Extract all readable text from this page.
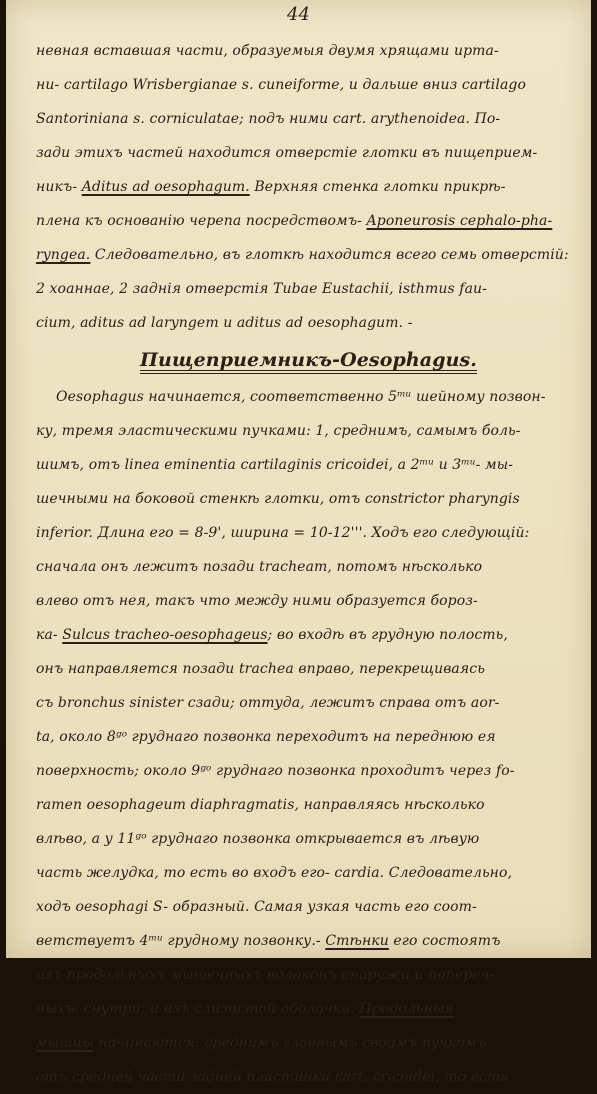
44
невная вставшая части, образуемыя двумя хрящами ирта-
ни- cartilago Wrisbergianae s. cuneiforme, и дальше вниз cartilago
Santoriniana s. corniculatae; подъ ними cart. arythenoidea. По-
зади этихъ частей находится отверстіе глотки въ пищеприем-
никъ- Aditus ad oesophagum. Верхняя стенка глотки прикрѣ-
плена къ основанію черепа посредствомъ- Aponeurosis cephalo-pha-
ryngea. Следовательно, въ глоткѣ находится всего семь отверстій:
2 хоаннае, 2 заднія отверстія Tubae Eustachii, isthmus fau-
cium, aditus ad laryngem и aditus ad oesophagum. -
Пищеприемникъ-Oesophagus.
Oesophagus начинается, соответственно 5ᵐᵘ шейному позвон-
ку, тремя эластическими пучками: 1, среднимъ, самымъ боль-
шимъ, отъ linea eminentia cartilaginis cricoidei, а 2ᵐᵘ и 3ᵐᵘ- мы-
шечными на боковой стенкѣ глотки, отъ constrictor pharyngis
inferior. Длина его = 8-9', ширина = 10-12'''. Ходъ его следующій:
сначала онъ лежитъ позади tracheam, потомъ нѣсколько
влево отъ нея, такъ что между ними образуется бороз-
ка- Sulcus tracheo-oesophageus; во входѣ въ грудную полость,
онъ направляется позади trachea вправо, перекрещиваясь
съ bronchus sinister сзади; оттуда, лежитъ справа отъ aor-
ta, около 8ᵍᵒ груднаго позвонка переходитъ на переднюю ея
поверхность; около 9ᵍᵒ груднаго позвонка проходитъ через fo-
ramen oesophageum diaphragmatis, направляясь нѣсколько
влѣво, а у 11ᵍᵒ груднаго позвонка открывается въ лѣвую
часть желудка, то есть во входъ его- cardia. Следовательно,
ходъ oesophagi S- образный. Самая узкая часть его соот-
ветствуетъ 4ᵐᵘ грудному позвонку.- Стѣнки его состоятъ
изъ продольныхъ мышечныхъ волоконъ снаружи и попереч-
ныхъ- снутри, и изъ слизистой оболочки. Продольныя
мышцы начинаются: среднимъ главнымъ своимъ пучкомъ
отъ средней части задней пластинки cart. cricoidei, то есть
